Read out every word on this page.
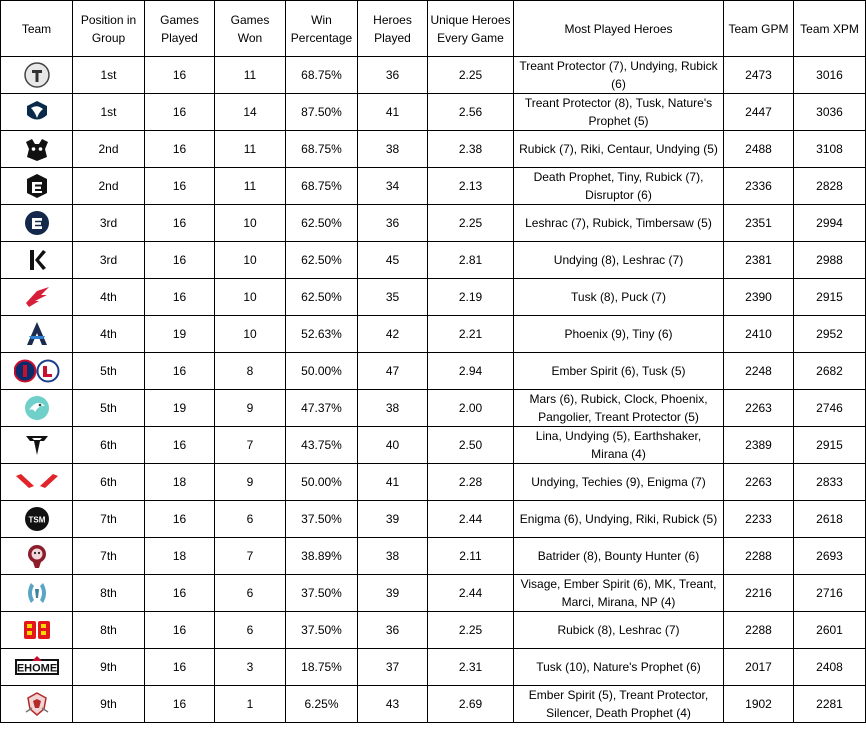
Team	Position in Group	Games Played	Games Won	Win Percentage	Heroes Played	Unique Heroes Every Game	Most Played Heroes	Team GPM	Team XPM

	1st	16	11	68.75%	36	2.25	Treant Protector (7), Undying, Rubick (6)	2473	3016

	1st	16	14	87.50%	41	2.56	Treant Protector (8), Tusk, Nature's Prophet (5)	2447	3036

	2nd	16	11	68.75%	38	2.38	Rubick (7), Riki, Centaur, Undying (5)	2488	3108

	2nd	16	11	68.75%	34	2.13	Death Prophet, Tiny, Rubick (7), Disruptor (6)	2336	2828

	3rd	16	10	62.50%	36	2.25	Leshrac (7), Rubick, Timbersaw (5)	2351	2994

	3rd	16	10	62.50%	45	2.81	Undying (8), Leshrac (7)	2381	2988

	4th	16	10	62.50%	35	2.19	Tusk (8), Puck (7)	2390	2915

	4th	19	10	52.63%	42	2.21	Phoenix (9), Tiny (6)	2410	2952

	5th	16	8	50.00%	47	2.94	Ember Spirit (6), Tusk (5)	2248	2682

	5th	19	9	47.37%	38	2.00	Mars (6), Rubick, Clock, Phoenix, Pangolier, Treant Protector (5)	2263	2746

	6th	16	7	43.75%	40	2.50	Lina, Undying (5), Earthshaker, Mirana (4)	2389	2915

	6th	18	9	50.00%	41	2.28	Undying, Techies (9), Enigma (7)	2263	2833

TSM	7th	16	6	37.50%	39	2.44	Enigma (6), Undying, Riki, Rubick (5)	2233	2618

	7th	18	7	38.89%	38	2.11	Batrider (8), Bounty Hunter (6)	2288	2693

	8th	16	6	37.50%	39	2.44	Visage, Ember Spirit (6), MK, Treant, Marci, Mirana, NP (4)	2216	2716

	8th	16	6	37.50%	36	2.25	Rubick (8), Leshrac (7)	2288	2601

EHOME	9th	16	3	18.75%	37	2.31	Tusk (10), Nature's Prophet (6)	2017	2408

	9th	16	1	6.25%	43	2.69	Ember Spirit (5), Treant Protector, Silencer, Death Prophet (4)	1902	2281
